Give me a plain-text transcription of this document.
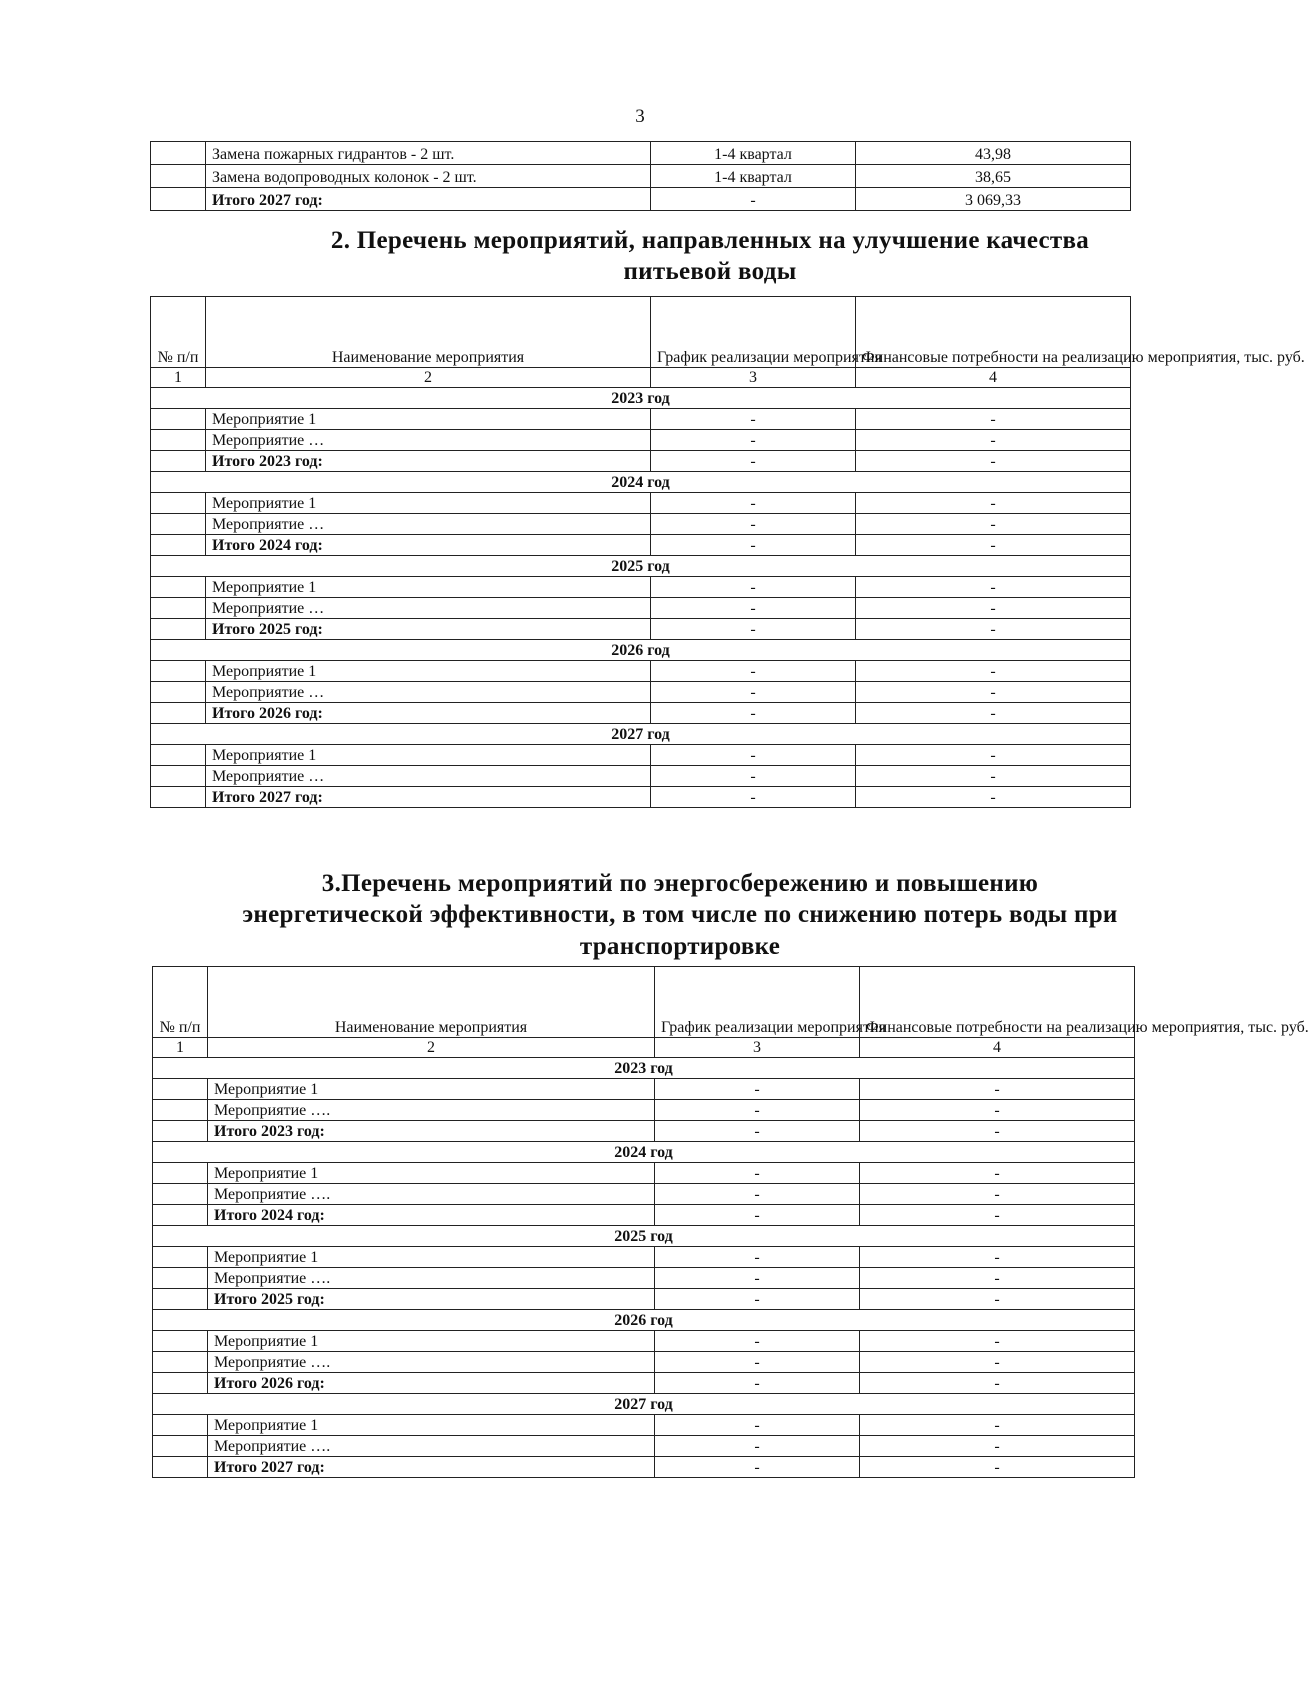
3
	Замена пожарных гидрантов - 2 шт.	1-4 квартал	43,98
	Замена водопроводных колонок - 2 шт.	1-4 квартал	38,65
	Итого 2027 год:	-	3 069,33
2. Перечень мероприятий, направленных на улучшение качества питьевой воды
№ п/п	Наименование мероприятия	График реализации мероприятия	Финансовые потребности на реализацию мероприятия, тыс. руб.
1	2	3	4
2023 год			
	Мероприятие 1	-	-
	Мероприятие …	-	-
	Итого 2023 год:	-	-
2024 год			
	Мероприятие 1	-	-
	Мероприятие …	-	-
	Итого 2024 год:	-	-
2025 год			
	Мероприятие 1	-	-
	Мероприятие …	-	-
	Итого 2025 год:	-	-
2026 год			
	Мероприятие 1	-	-
	Мероприятие …	-	-
	Итого 2026 год:	-	-
2027 год			
	Мероприятие 1	-	-
	Мероприятие …	-	-
	Итого 2027 год:	-	-
3.Перечень мероприятий по энергосбережению и повышению энергетической эффективности, в том числе по снижению потерь воды при транспортировке
№ п/п	Наименование мероприятия	График реализации мероприятия	Финансовые потребности на реализацию мероприятия, тыс. руб.
1	2	3	4
2023 год			
	Мероприятие 1	-	-
	Мероприятие ….	-	-
	Итого 2023 год:	-	-
2024 год			
	Мероприятие 1	-	-
	Мероприятие ….	-	-
	Итого 2024 год:	-	-
2025 год			
	Мероприятие 1	-	-
	Мероприятие ….	-	-
	Итого 2025 год:	-	-
2026 год			
	Мероприятие 1	-	-
	Мероприятие ….	-	-
	Итого 2026 год:	-	-
2027 год			
	Мероприятие 1	-	-
	Мероприятие ….	-	-
	Итого 2027 год:	-	-
